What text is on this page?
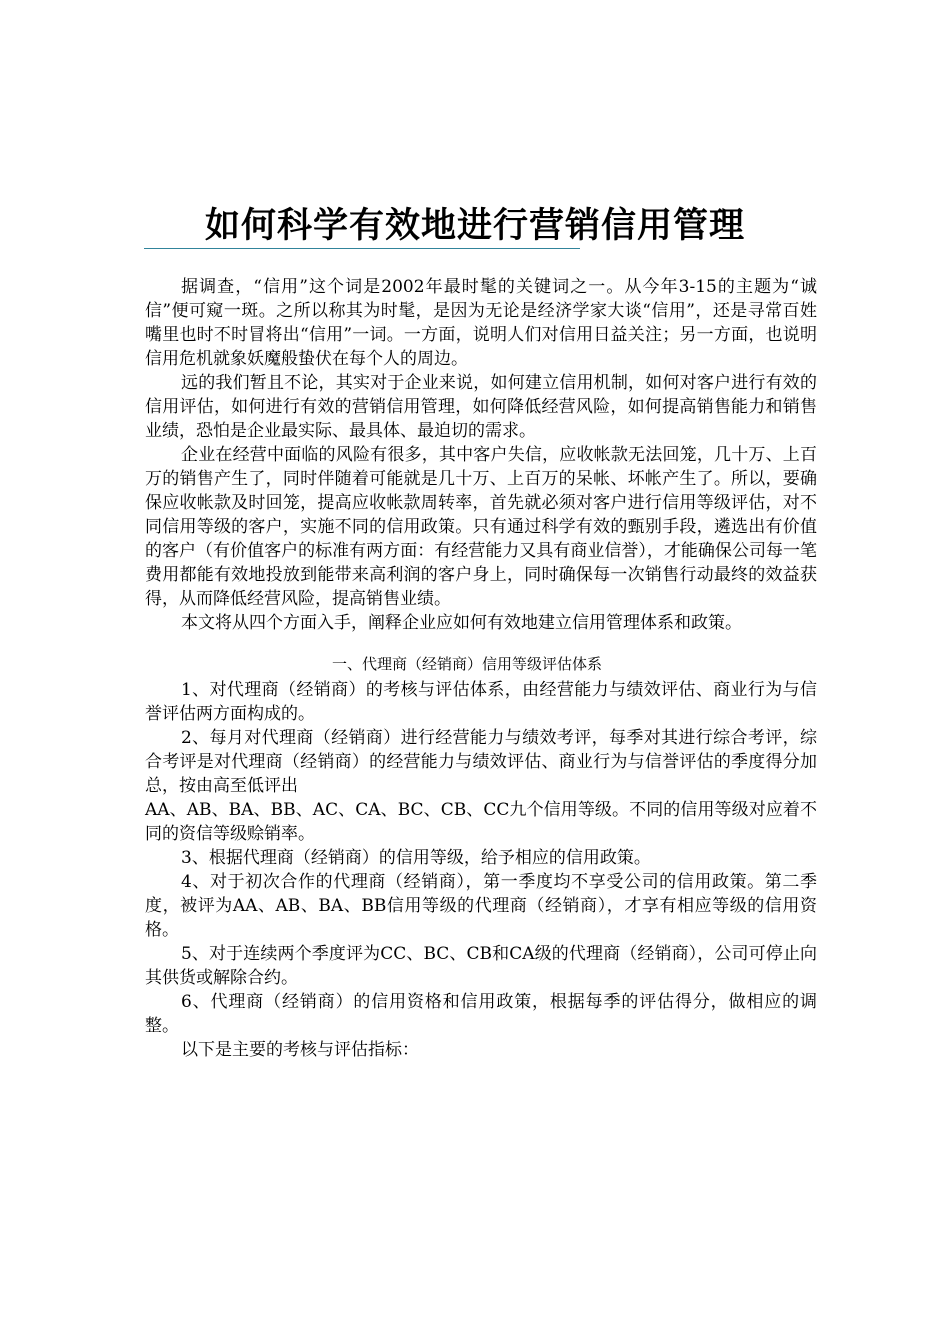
如何科学有效地进行营销信用管理

据调查，“信用”这个词是2002年最时髦的关键词之一。从今年3-15的主题为“诚信”便可窥一斑。之所以称其为时髦，是因为无论是经济学家大谈“信用”，还是寻常百姓嘴里也时不时冒将出“信用”一词。一方面，说明人们对信用日益关注；另一方面，也说明信用危机就象妖魔般蛰伏在每个人的周边。

远的我们暂且不论，其实对于企业来说，如何建立信用机制，如何对客户进行有效的信用评估，如何进行有效的营销信用管理，如何降低经营风险，如何提高销售能力和销售业绩，恐怕是企业最实际、最具体、最迫切的需求。

企业在经营中面临的风险有很多，其中客户失信，应收帐款无法回笼，几十万、上百万的销售产生了，同时伴随着可能就是几十万、上百万的呆帐、坏帐产生了。所以，要确保应收帐款及时回笼，提高应收帐款周转率，首先就必须对客户进行信用等级评估，对不同信用等级的客户，实施不同的信用政策。只有通过科学有效的甄别手段，遴选出有价值的客户（有价值客户的标准有两方面：有经营能力又具有商业信誉），才能确保公司每一笔费用都能有效地投放到能带来高利润的客户身上，同时确保每一次销售行动最终的效益获得，从而降低经营风险，提高销售业绩。

本文将从四个方面入手，阐释企业应如何有效地建立信用管理体系和政策。

一、代理商（经销商）信用等级评估体系

1、对代理商（经销商）的考核与评估体系，由经营能力与绩效评估、商业行为与信誉评估两方面构成的。

2、每月对代理商（经销商）进行经营能力与绩效考评，每季对其进行综合考评，综合考评是对代理商（经销商）的经营能力与绩效评估、商业行为与信誉评估的季度得分加总，按由高至低评出

AA、AB、BA、BB、AC、CA、BC、CB、CC九个信用等级。不同的信用等级对应着不同的资信等级赊销率。

3、根据代理商（经销商）的信用等级，给予相应的信用政策。

4、对于初次合作的代理商（经销商），第一季度均不享受公司的信用政策。第二季度，被评为AA、AB、BA、BB信用等级的代理商（经销商），才享有相应等级的信用资格。

5、对于连续两个季度评为CC、BC、CB和CA级的代理商（经销商），公司可停止向其供货或解除合约。

6、代理商（经销商）的信用资格和信用政策，根据每季的评估得分，做相应的调整。

以下是主要的考核与评估指标：
